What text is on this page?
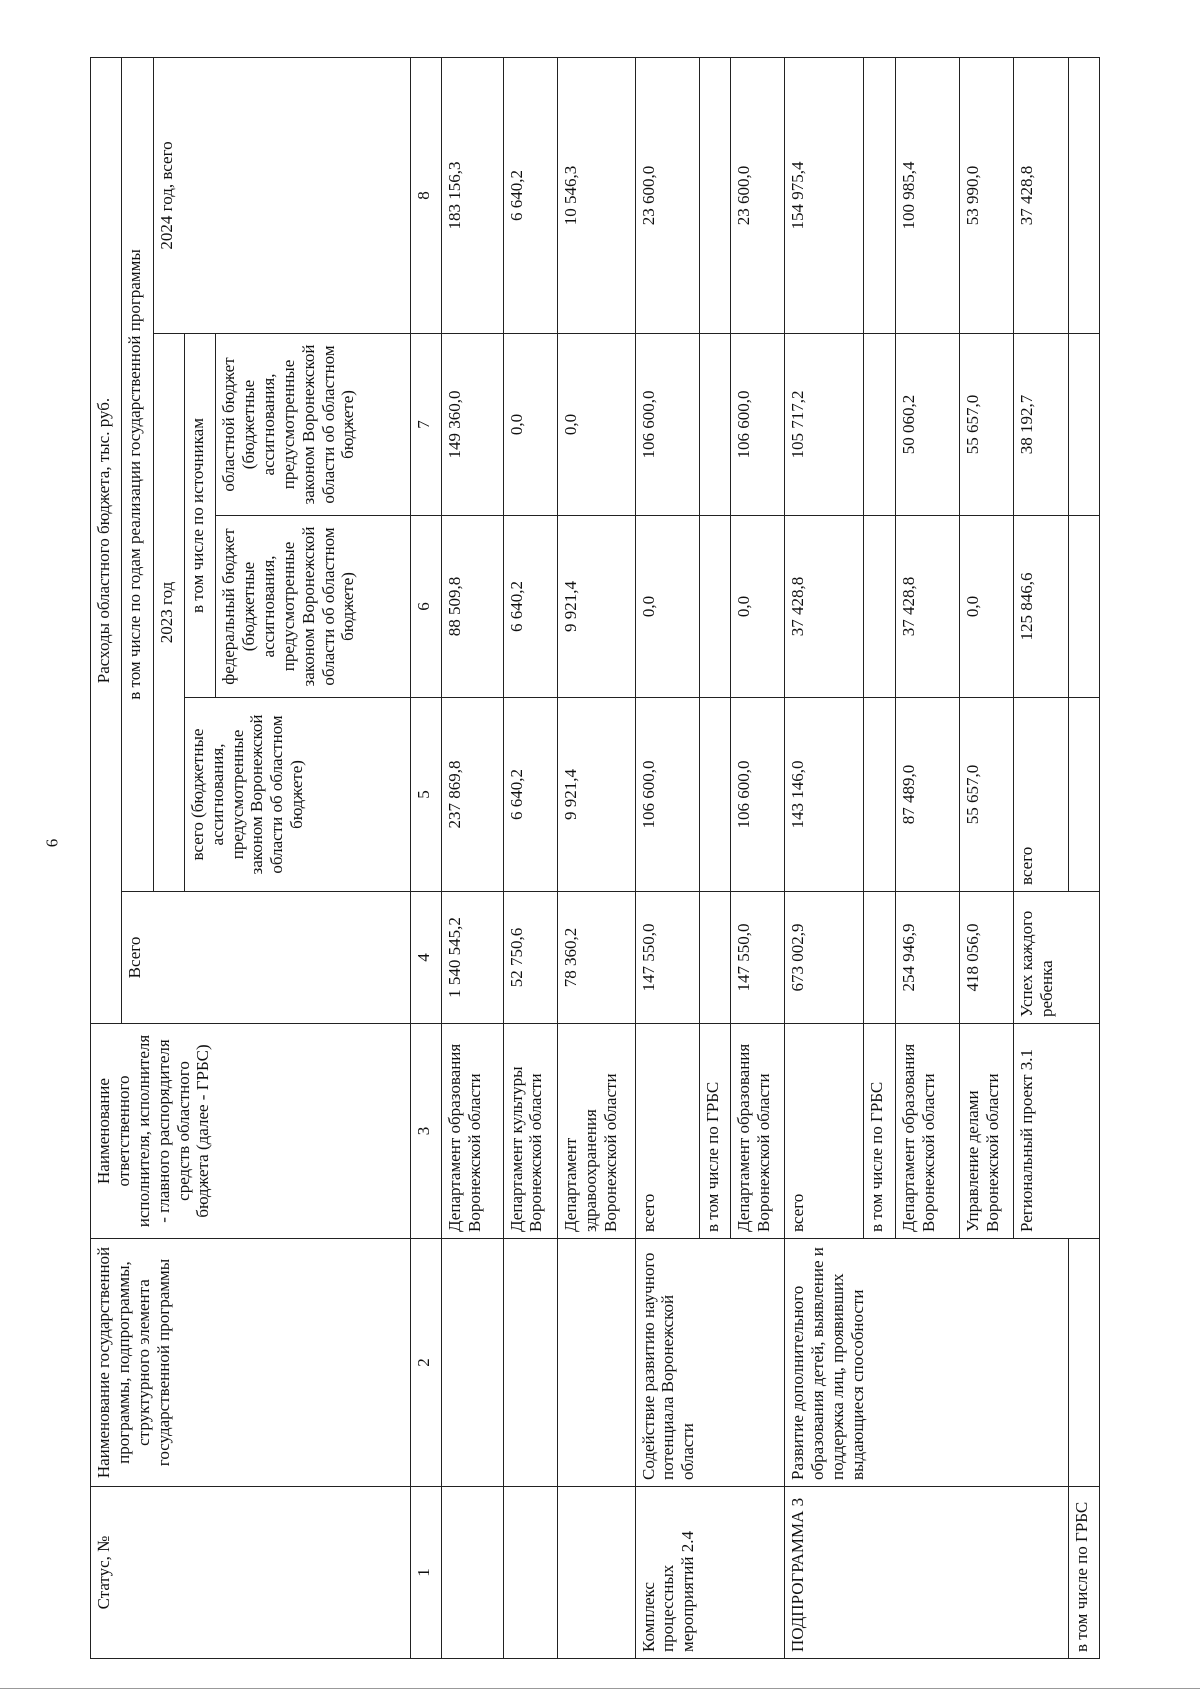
6
Статус, №	Наименование государственной программы, подпрограммы, структурного элемента государственной программы	Наименование ответственного исполнителя, исполнителя - главного распорядителя средств областного бюджета (далее - ГРБС)	Расходы областного бюджета, тыс. руб.					
			Всего	в том числе по годам реализации государственной программы				
				2023 год			2024 год, всего	
				всего (бюджетные ассигнования, предусмотренные законом Воронежской области об областном бюджете)	в том числе по источникам			
					федеральный бюджет (бюджетные ассигнования, предусмотренные законом Воронежской области об областном бюджете)	областной бюджет (бюджетные ассигнования, предусмотренные законом Воронежской области об областном бюджете)		
1	2	3	4	5	6	7	8	
		Департамент образования Воронежской области	1 540 545,2	237 869,8	88 509,8	149 360,0	183 156,3	
		Департамент культуры Воронежской области	52 750,6	6 640,2	6 640,2	0,0	6 640,2	
		Департамент здравоохранения Воронежской области	78 360,2	9 921,4	9 921,4	0,0	10 546,3	
Комплекс процессных мероприятий 2.4	Содействие развитию научного потенциала Воронежской области	всего	147 550,0	106 600,0	0,0	106 600,0	23 600,0	
		в том числе по ГРБС						
		Департамент образования Воронежской области	147 550,0	106 600,0	0,0	106 600,0	23 600,0	
ПОДПРОГРАММА 3	Развитие дополнительного образования детей, выявление и поддержка лиц, проявивших выдающиеся способности	всего	673 002,9	143 146,0	37 428,8	105 717,2	154 975,4	
		в том числе по ГРБС						
		Департамент образования Воронежской области	254 946,9	87 489,0	37 428,8	50 060,2	100 985,4	
		Управление делами Воронежской области	418 056,0	55 657,0	0,0	55 657,0	53 990,0	
		Региональный проект 3.1	Успех каждого ребенка	всего	125 846,6	38 192,7	37 428,8		
в том числе по ГРБС								
